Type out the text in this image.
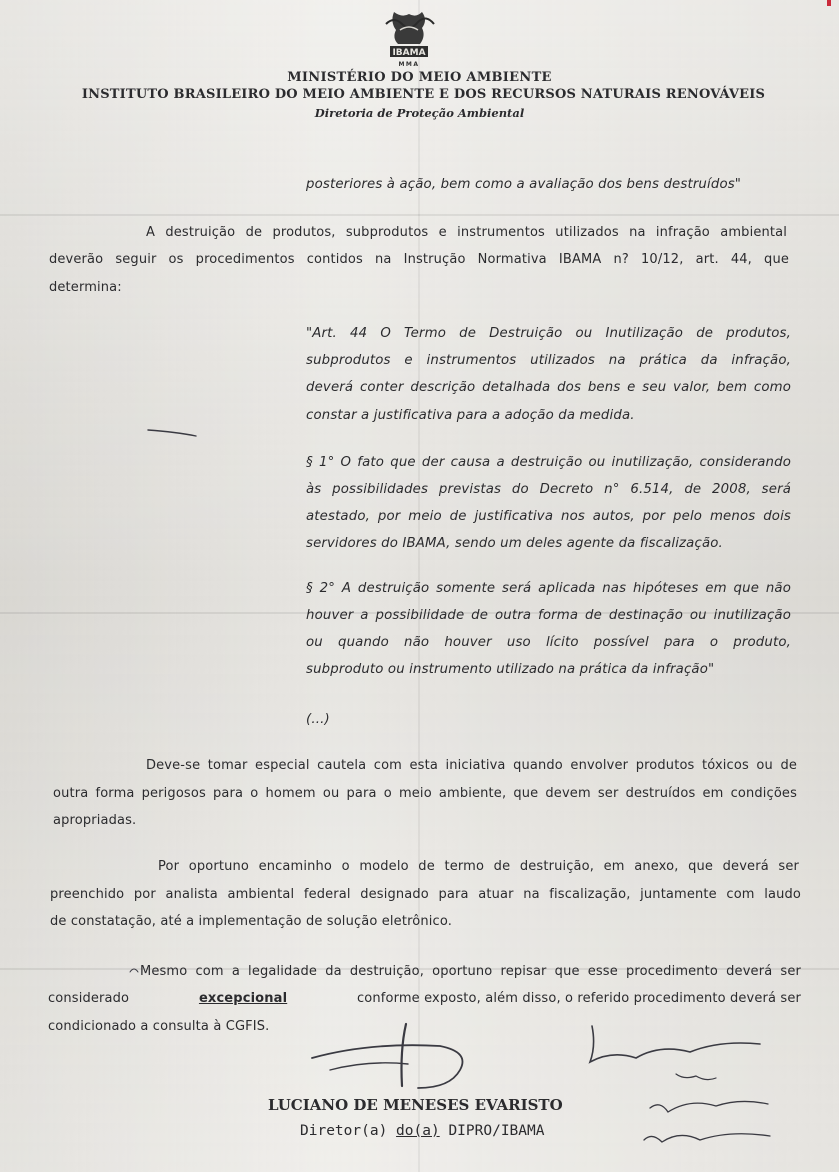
IBAMA
MMA
MINISTÉRIO DO MEIO AMBIENTE
INSTITUTO BRASILEIRO DO MEIO AMBIENTE E DOS RECURSOS NATURAIS RENOVÁVEIS
Diretoria de Proteção Ambiental
posteriores à ação, bem como a avaliação dos bens destruídos"
A destruição de produtos, subprodutos e instrumentos utilizados na infração ambiental
deverão seguir os procedimentos contidos na Instrução Normativa IBAMA n? 10/12, art. 44, que
determina:
"Art. 44 O Termo de Destruição ou Inutilização de produtos,
subprodutos e instrumentos utilizados na prática da infração,
deverá conter descrição detalhada dos bens e seu valor, bem como
constar a justificativa para a adoção da medida.
§ 1° O fato que der causa a destruição ou inutilização, considerando
às possibilidades previstas do Decreto n° 6.514, de 2008, será
atestado, por meio de justificativa nos autos, por pelo menos dois
servidores do IBAMA, sendo um deles agente da fiscalização.
§ 2° A destruição somente será aplicada nas hipóteses em que não
houver a possibilidade de outra forma de destinação ou inutilização
ou quando não houver uso lícito possível para o produto,
subproduto ou instrumento utilizado na prática da infração"
(...)
Deve-se tomar especial cautela com esta iniciativa quando envolver produtos tóxicos ou de
outra forma perigosos para o homem ou para o meio ambiente, que devem ser destruídos em condições
apropriadas.
Por oportuno encaminho o modelo de termo de destruição, em anexo, que deverá ser
preenchido por analista ambiental federal designado para atuar na fiscalização, juntamente com laudo
de constatação, até a implementação de solução eletrônico.
Mesmo com a legalidade da destruição, oportuno repisar que esse procedimento deverá ser
considerado	excepcional	conforme exposto, além disso, o referido procedimento deverá ser
condicionado a consulta à CGFIS.
LUCIANO DE MENESES EVARISTO
Diretor(a) do(a) DIPRO/IBAMA
